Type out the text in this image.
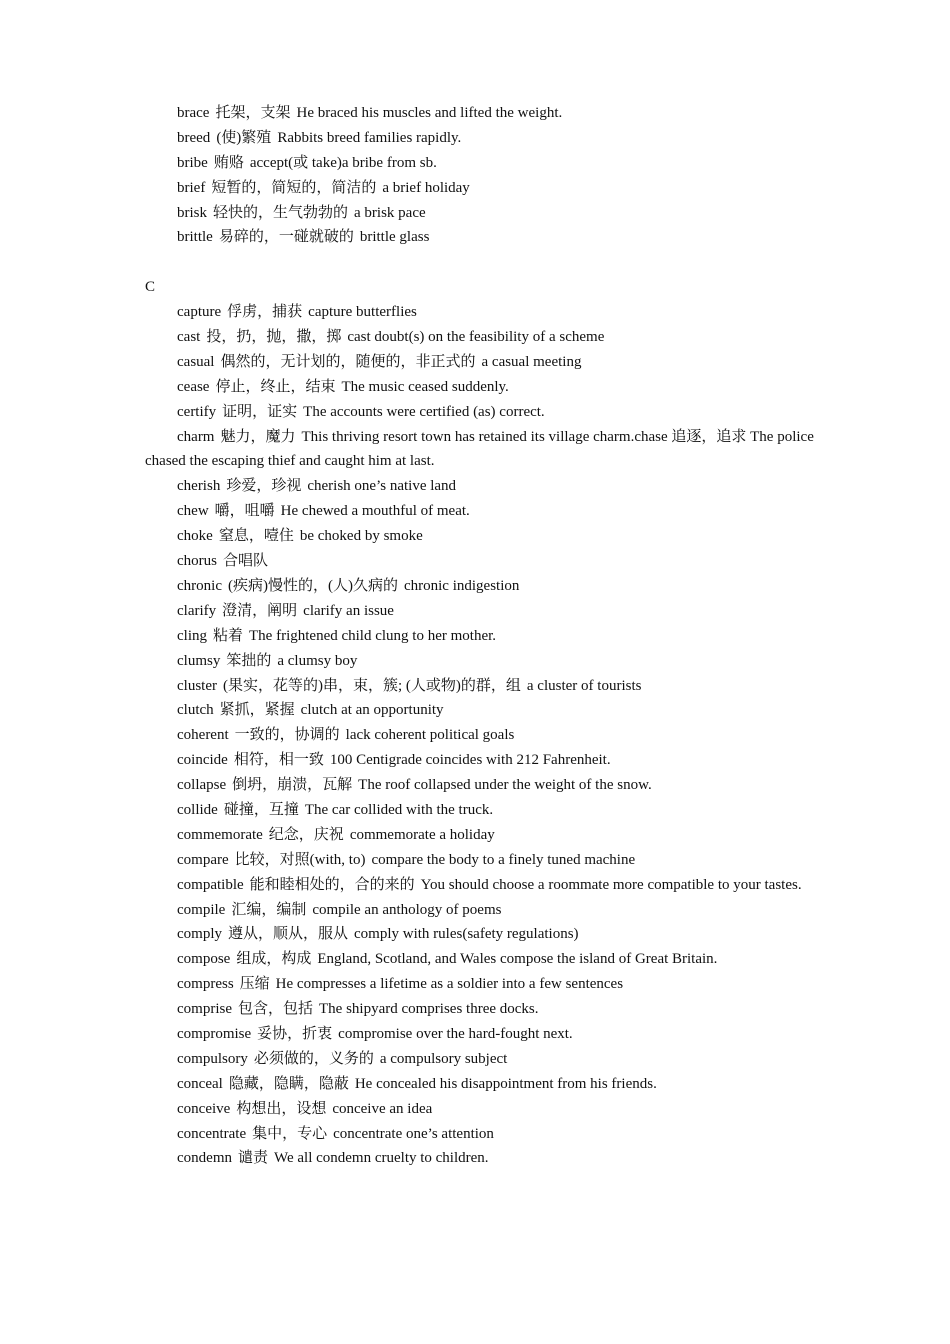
brace 托架，支架 He braced his muscles and lifted the weight.
breed (使)繁殖 Rabbits breed families rapidly.
bribe 贿赂 accept(或 take)a bribe from sb.
brief 短暂的，简短的，简洁的 a brief holiday
brisk 轻快的，生气勃勃的 a brisk pace
brittle 易碎的，一碰就破的 brittle glass
C
capture 俘虏，捕获 capture butterflies
cast 投，扔，抛，撒，掷 cast doubt(s) on the feasibility of a scheme
casual 偶然的，无计划的，随便的，非正式的 a casual meeting
cease 停止，终止，结束 The music ceased suddenly.
certify 证明，证实 The accounts were certified (as) correct.
charm 魅力，魔力 This thriving resort town has retained its village charm.chase 追逐，追求 The police chased the escaping thief and caught him at last.
cherish 珍爱，珍视 cherish one’s native land
chew 嚼，咀嚼 He chewed a mouthful of meat.
choke 窒息，噎住 be choked by smoke
chorus 合唱队
chronic (疾病)慢性的，(人)久病的 chronic indigestion
clarify 澄清，阐明 clarify an issue
cling 粘着 The frightened child clung to her mother.
clumsy 笨拙的 a clumsy boy
cluster (果实，花等的)串，束，簇; (人或物)的群，组 a cluster of tourists
clutch 紧抓，紧握 clutch at an opportunity
coherent 一致的，协调的 lack coherent political goals
coincide 相符，相一致 100 Centigrade coincides with 212 Fahrenheit.
collapse 倒坍，崩溃，瓦解 The roof collapsed under the weight of the snow.
collide 碰撞，互撞 The car collided with the truck.
commemorate 纪念，庆祝 commemorate a holiday
compare 比较，对照(with, to) compare the body to a finely tuned machine
compatible 能和睦相处的，合的来的 You should choose a roommate more compatible to your tastes.
compile 汇编，编制 compile an anthology of poems
comply 遵从，顺从，服从 comply with rules(safety regulations)
compose 组成，构成 England, Scotland, and Wales compose the island of Great Britain.
compress 压缩 He compresses a lifetime as a soldier into a few sentences
comprise 包含，包括 The shipyard comprises three docks.
compromise 妥协，折衷 compromise over the hard-fought next.
compulsory 必须做的，义务的 a compulsory subject
conceal 隐藏，隐瞒，隐蔽 He concealed his disappointment from his friends.
conceive 构想出，设想 conceive an idea
concentrate 集中，专心 concentrate one’s attention
condemn 谴责 We all condemn cruelty to children.
